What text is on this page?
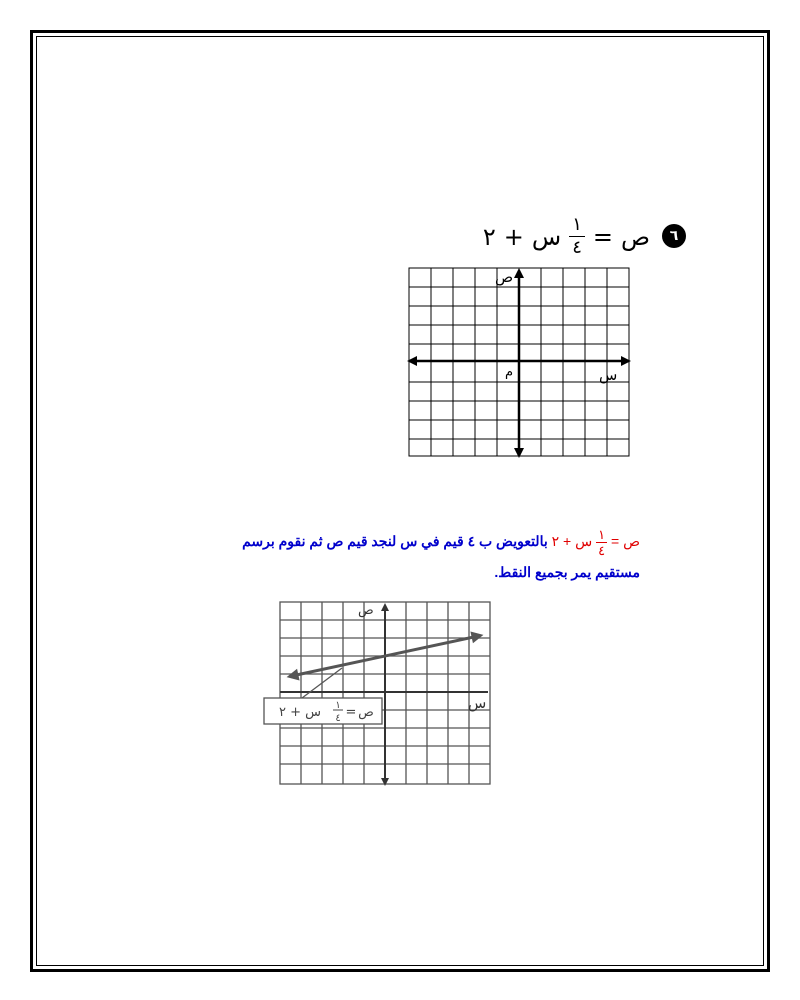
٦
ص
=
$\frac{١}{٤}$
س
+
٢
ص
س
م
ص =
$\frac{١}{٤}$
س + ٢ بالتعويض ب ٤ قيم في س لنجد قيم ص ثم نقوم برسم
مستقيم يمر بجميع النقط.
ص
س
ص
=
١
٤
س + ٢
